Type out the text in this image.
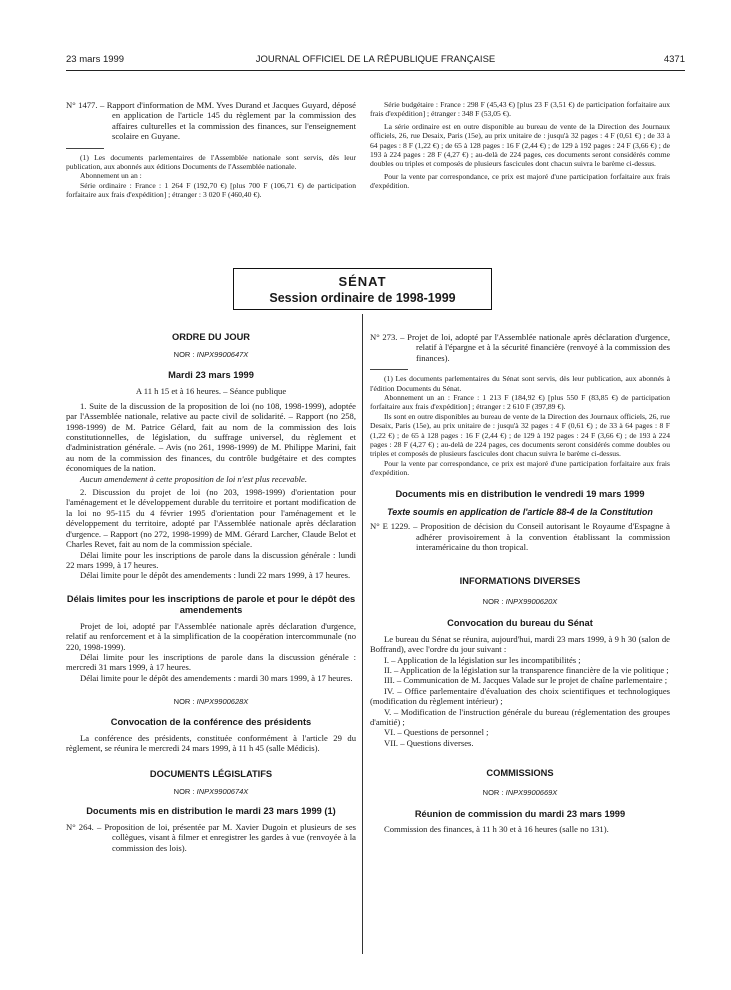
23 mars 1999	JOURNAL OFFICIEL DE LA RÉPUBLIQUE FRANÇAISE	4371

N° 1477. – Rapport d'information de MM. Yves Durand et Jacques Guyard, déposé en application de l'article 145 du règlement par la commission des affaires culturelles et la commission des finances, sur l'enseignement scolaire en Guyane.

(1) Les documents parlementaires de l'Assemblée nationale sont servis, dès leur publication, aux abonnés aux éditions Documents de l'Assemblée nationale.

Abonnement un an :

Série ordinaire : France : 1 264 F (192,70 €) [plus 700 F (106,71 €) de participation forfaitaire aux frais d'expédition] ; étranger : 3 020 F (460,40 €).

Série budgétaire : France : 298 F (45,43 €) [plus 23 F (3,51 €) de participation forfaitaire aux frais d'expédition] ; étranger : 348 F (53,05 €).

La série ordinaire est en outre disponible au bureau de vente de la Direction des Journaux officiels, 26, rue Desaix, Paris (15e), au prix unitaire de : jusqu'à 32 pages : 4 F (0,61 €) ; de 33 à 64 pages : 8 F (1,22 €) ; de 65 à 128 pages : 16 F (2,44 €) ; de 129 à 192 pages : 24 F (3,66 €) ; de 193 à 224 pages : 28 F (4,27 €) ; au-delà de 224 pages, ces documents seront considérés comme doubles ou triples et composés de plusieurs fascicules dont chacun suivra le barème ci-dessus.

Pour la vente par correspondance, ce prix est majoré d'une participation forfaitaire aux frais d'expédition.

SÉNAT
Session ordinaire de 1998-1999
ORDRE DU JOUR
NOR : INPX9900647X
Mardi 23 mars 1999

A 11 h 15 et à 16 heures. – Séance publique

1. Suite de la discussion de la proposition de loi (no 108, 1998-1999), adoptée par l'Assemblée nationale, relative au pacte civil de solidarité. – Rapport (no 258, 1998-1999) de M. Patrice Gélard, fait au nom de la commission des lois constitutionnelles, de législation, du suffrage universel, du règlement et d'administration générale. – Avis (no 261, 1998-1999) de M. Philippe Marini, fait au nom de la commission des finances, du contrôle budgétaire et des comptes économiques de la nation.

Aucun amendement à cette proposition de loi n'est plus recevable.

2. Discussion du projet de loi (no 203, 1998-1999) d'orientation pour l'aménagement et le développement durable du territoire et portant modification de la loi no 95-115 du 4 février 1995 d'orientation pour l'aménagement et le développement du territoire, adopté par l'Assemblée nationale après déclaration d'urgence. – Rapport (no 272, 1998-1999) de MM. Gérard Larcher, Claude Belot et Charles Revet, fait au nom de la commission spéciale.

Délai limite pour les inscriptions de parole dans la discussion générale : lundi 22 mars 1999, à 17 heures.

Délai limite pour le dépôt des amendements : lundi 22 mars 1999, à 17 heures.

Délais limites pour les inscriptions de parole et pour le dépôt des amendements

Projet de loi, adopté par l'Assemblée nationale après déclaration d'urgence, relatif au renforcement et à la simplification de la coopération intercommunale (no 220, 1998-1999).

Délai limite pour les inscriptions de parole dans la discussion générale : mercredi 31 mars 1999, à 17 heures.

Délai limite pour le dépôt des amendements : mardi 30 mars 1999, à 17 heures.

NOR : INPX9900628X
Convocation de la conférence des présidents

La conférence des présidents, constituée conformément à l'article 29 du règlement, se réunira le mercredi 24 mars 1999, à 11 h 45 (salle Médicis).

DOCUMENTS LÉGISLATIFS
NOR : INPX9900674X
Documents mis en distribution le mardi 23 mars 1999 (1)

N° 264. – Proposition de loi, présentée par M. Xavier Dugoin et plusieurs de ses collègues, visant à filmer et enregistrer les gardes à vue (renvoyée à la commission des lois).

N° 273. – Projet de loi, adopté par l'Assemblée nationale après déclaration d'urgence, relatif à l'épargne et à la sécurité financière (renvoyé à la commission des finances).

(1) Les documents parlementaires du Sénat sont servis, dès leur publication, aux abonnés à l'édition Documents du Sénat.

Abonnement un an : France : 1 213 F (184,92 €) [plus 550 F (83,85 €) de participation forfaitaire aux frais d'expédition] ; étranger : 2 610 F (397,89 €).

Ils sont en outre disponibles au bureau de vente de la Direction des Journaux officiels, 26, rue Desaix, Paris (15e), au prix unitaire de : jusqu'à 32 pages : 4 F (0,61 €) ; de 33 à 64 pages : 8 F (1,22 €) ; de 65 à 128 pages : 16 F (2,44 €) ; de 129 à 192 pages : 24 F (3,66 €) ; de 193 à 224 pages : 28 F (4,27 €) ; au-delà de 224 pages, ces documents seront considérés comme doubles ou triples et composés de plusieurs fascicules dont chacun suivra le barème ci-dessus.

Pour la vente par correspondance, ce prix est majoré d'une participation forfaitaire aux frais d'expédition.

Documents mis en distribution le vendredi 19 mars 1999
Texte soumis en application de l'article 88-4 de la Constitution

N° E 1229. – Proposition de décision du Conseil autorisant le Royaume d'Espagne à adhérer provisoirement à la convention établissant la commission interaméricaine du thon tropical.

INFORMATIONS DIVERSES
NOR : INPX9900620X
Convocation du bureau du Sénat

Le bureau du Sénat se réunira, aujourd'hui, mardi 23 mars 1999, à 9 h 30 (salon de Boffrand), avec l'ordre du jour suivant :

I. – Application de la législation sur les incompatibilités ;

II. – Application de la législation sur la transparence financière de la vie politique ;

III. – Communication de M. Jacques Valade sur le projet de chaîne parlementaire ;

IV. – Office parlementaire d'évaluation des choix scientifiques et technologiques (modification du règlement intérieur) ;

V. – Modification de l'instruction générale du bureau (réglementation des groupes d'amitié) ;

VI. – Questions de personnel ;

VII. – Questions diverses.

COMMISSIONS
NOR : INPX9900669X
Réunion de commission du mardi 23 mars 1999

Commission des finances, à 11 h 30 et à 16 heures (salle no 131).
